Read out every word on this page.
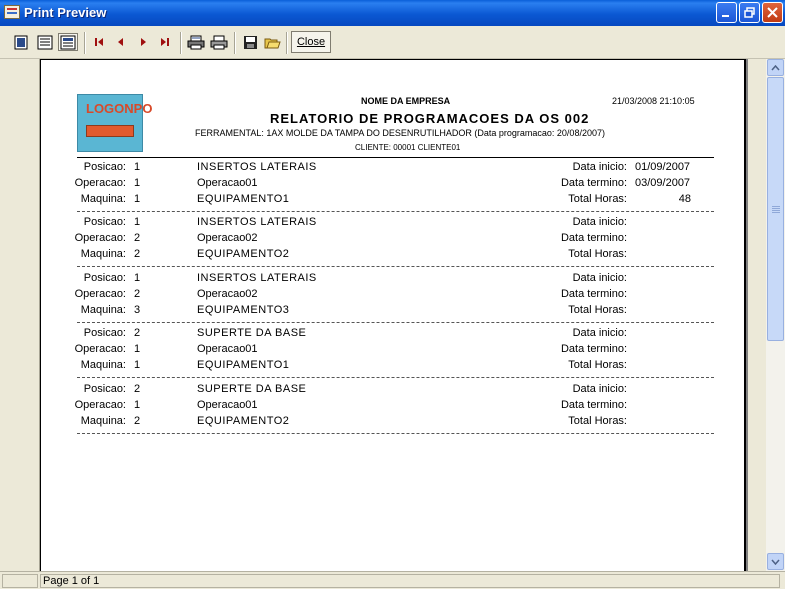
Print Preview
Close
LOGONPO	NOME DA EMPRESA	21/03/2008 21:10:05
RELATORIO DE PROGRAMACOES DA OS 002
FERRAMENTAL: 1AX MOLDE DA TAMPA DO DESENRUTILHADOR (Data programacao: 20/08/2007)
CLIENTE: 00001 CLIENTE01
Posicao: 1	INSERTOS LATERAIS	Data inicio: 01/09/2007
Operacao: 1	Operacao01	Data termino: 03/09/2007
Maquina: 1	EQUIPAMENTO1	Total Horas:	48
Posicao: 1	INSERTOS LATERAIS	Data inicio:
Operacao: 2	Operacao02	Data termino:
Maquina: 2	EQUIPAMENTO2	Total Horas:
Posicao: 1	INSERTOS LATERAIS	Data inicio:
Operacao: 2	Operacao02	Data termino:
Maquina: 3	EQUIPAMENTO3	Total Horas:
Posicao: 2	SUPERTE DA BASE	Data inicio:
Operacao: 1	Operacao01	Data termino:
Maquina: 1	EQUIPAMENTO1	Total Horas:
Posicao: 2	SUPERTE DA BASE	Data inicio:
Operacao: 1	Operacao01	Data termino:
Maquina: 2	EQUIPAMENTO2	Total Horas:
Page 1 of 1
